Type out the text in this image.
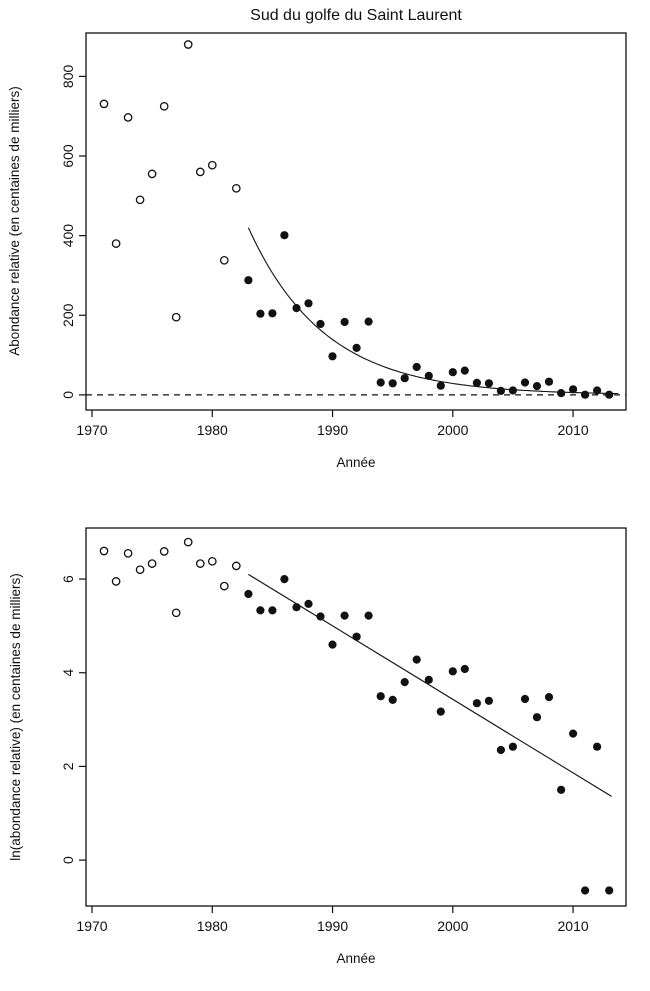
1970	1980	1990	2000	2010
0
200
400
600
800
Année
Abondance relative (en centaines de milliers)
Sud du golfe du Saint Laurent
1970	1980	1990	2000	2010
0
2
4
6
Année
ln(abondance relative) (en centaines de milliers)
